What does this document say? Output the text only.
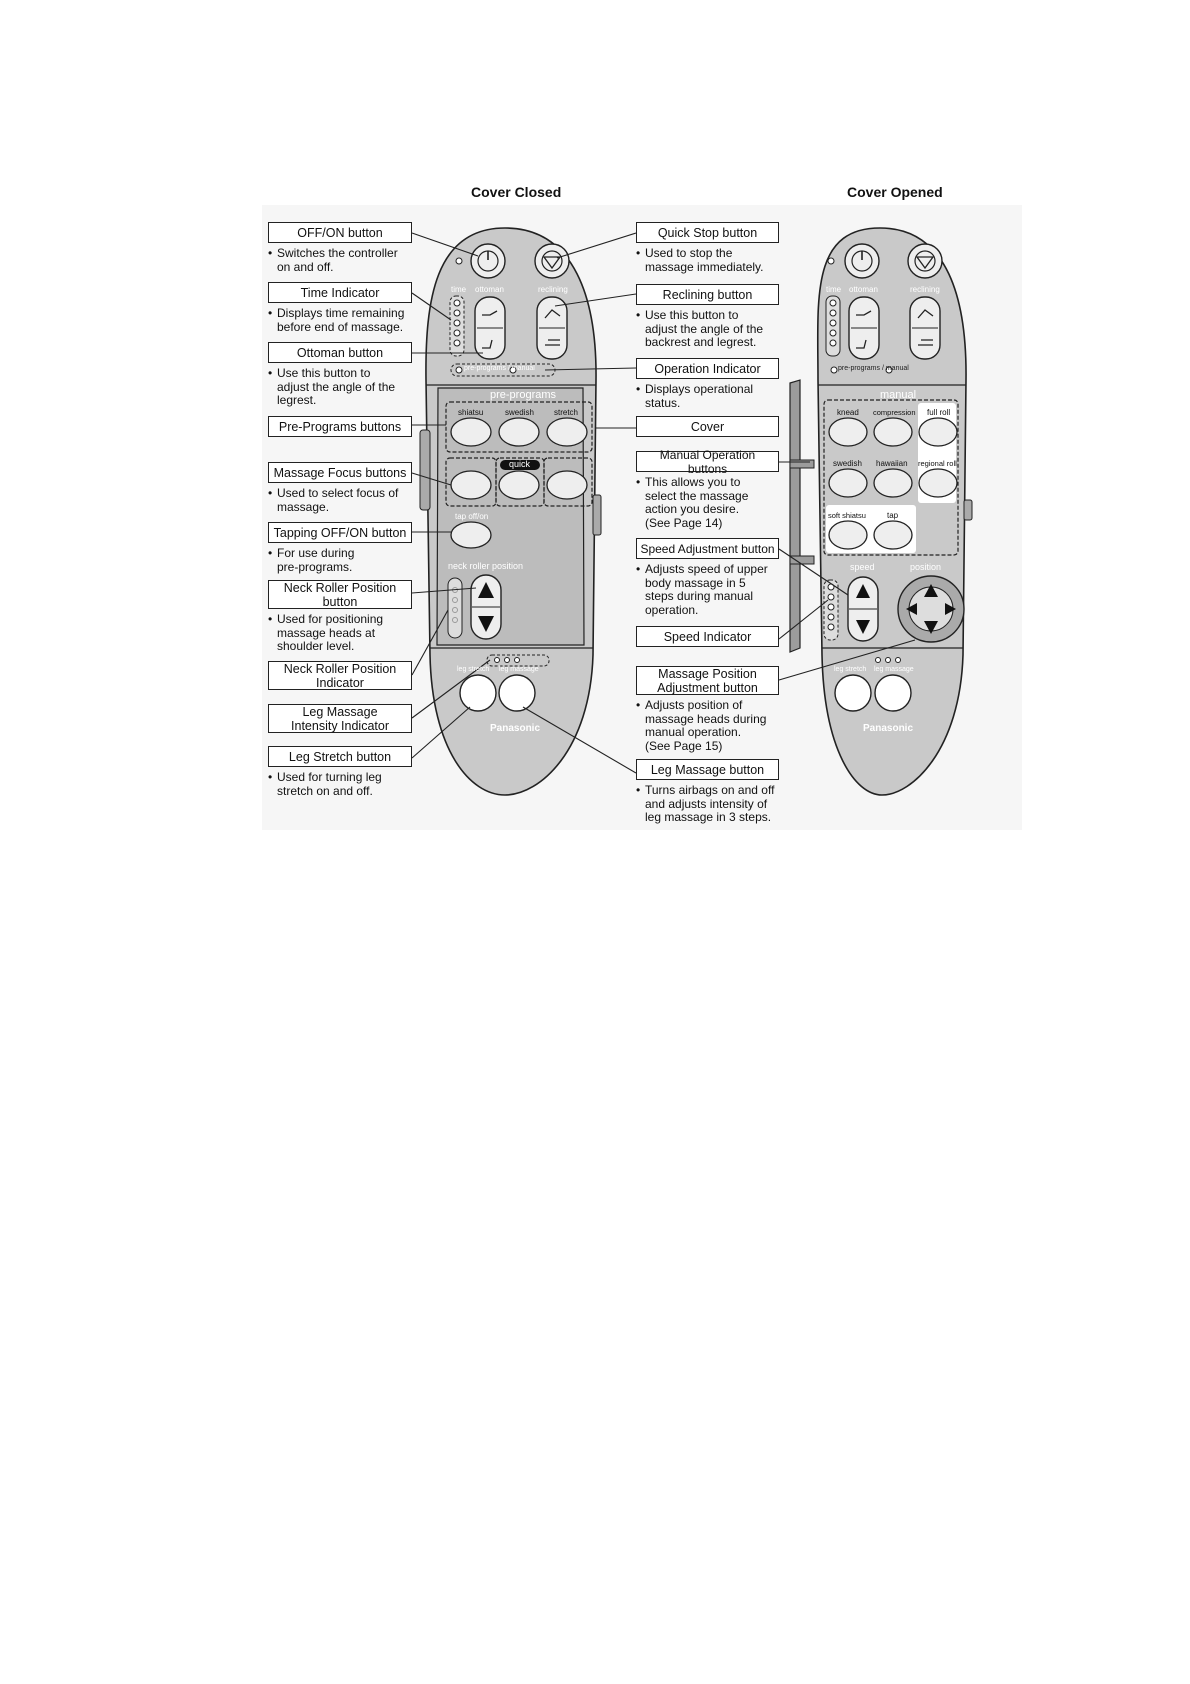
Cover Closed	Cover Opened
time ottoman	reclining
pre-programs / manual
pre-programs
shiatsu	swedish	stretch
quick
tap off/on
neck roller position
leg stretch leg massage
Panasonic
time ottoman	reclining
pre-programs / manual
manual
knead compression full roll
swedish hawaiian regional roll
soft shiatsu	tap
speed	position
leg stretch leg massage
Panasonic
OFF/ON button
• Switches the controller
on and off.
Time Indicator
• Displays time remaining
before end of massage.
Ottoman button
• Use this button to
adjust the angle of the
legrest.
Pre-Programs buttons
Massage Focus buttons
• Used to select focus of
massage.
Tapping OFF/ON button
• For use during
pre-programs.
Neck Roller Position
button
• Used for positioning
massage heads at
shoulder level.
Neck Roller Position
Indicator
Leg Massage
Intensity Indicator
Leg Stretch button
• Used for turning leg
stretch on and off.
Quick Stop button
• Used to stop the
massage immediately.
Reclining button
• Use this button to
adjust the angle of the
backrest and legrest.
Operation Indicator
• Displays operational
status.
Cover
Manual Operation buttons
• This allows you to
select the massage
action you desire.
(See Page 14)
Speed Adjustment button
• Adjusts speed of upper
body massage in 5
steps during manual
operation.
Speed Indicator
Massage Position
Adjustment button
• Adjusts position of
massage heads during
manual operation.
(See Page 15)
Leg Massage button
• Turns airbags on and off
and adjusts intensity of
leg massage in 3 steps.
